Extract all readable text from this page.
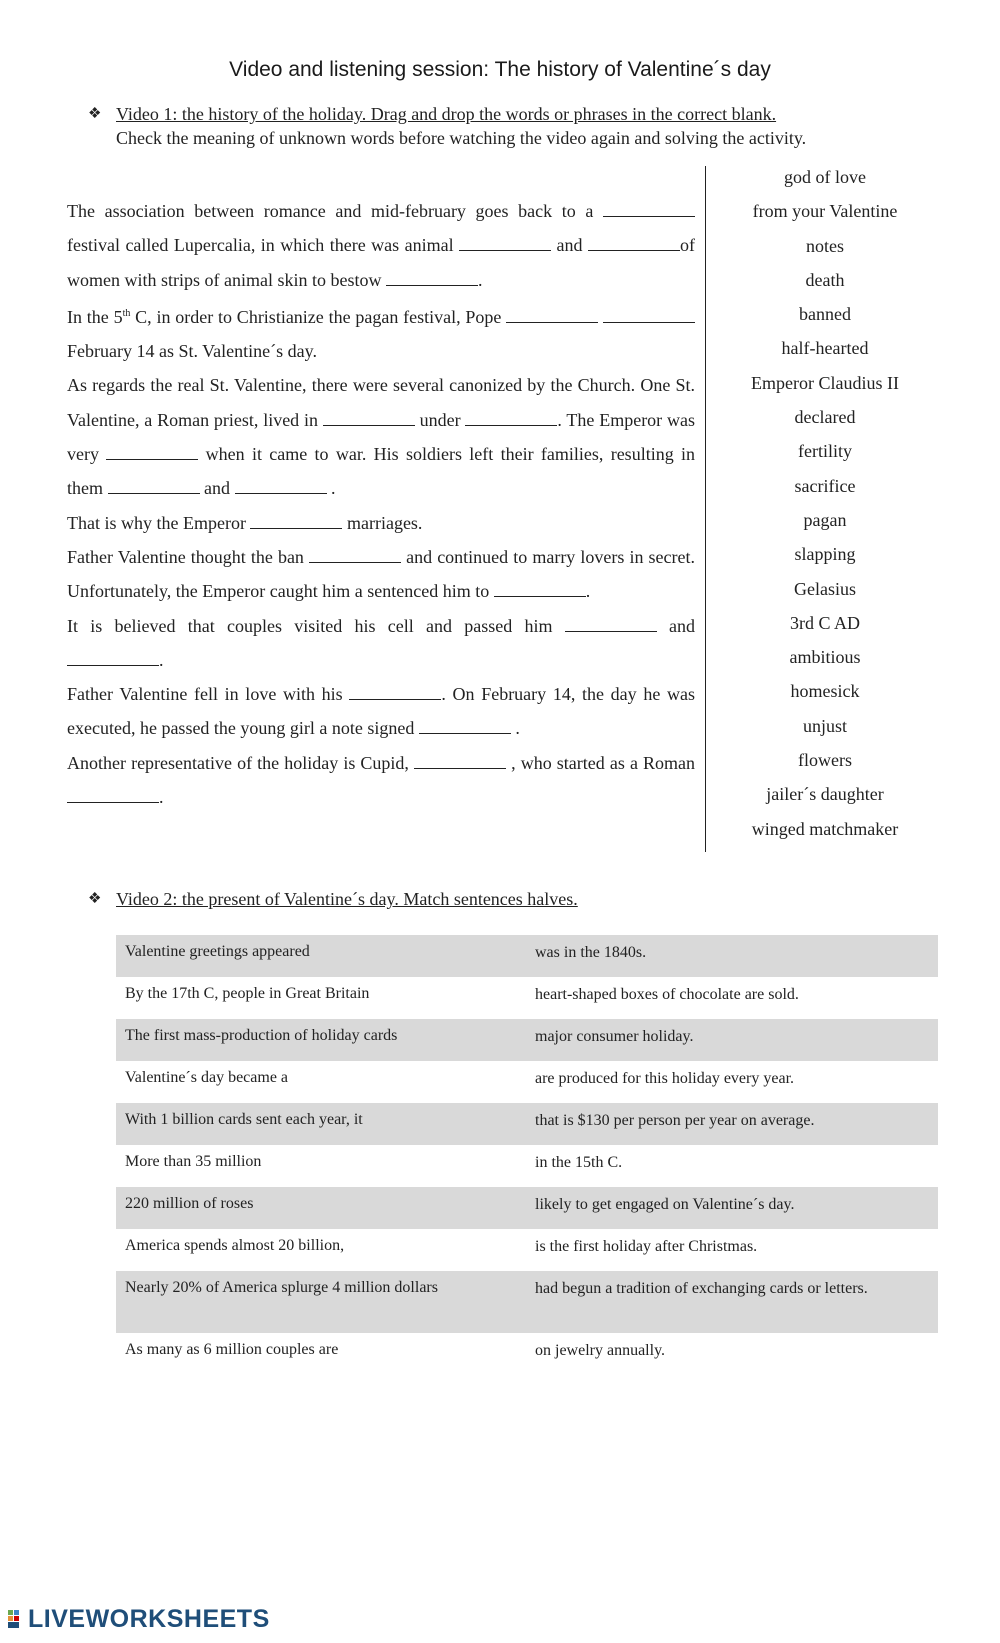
Video and listening session: The history of Valentine´s day
❖ Video 1: the history of the holiday. Drag and drop the words or phrases in the correct blank.
Check the meaning of unknown words before watching the video again and solving the activity.

The association between romance and mid-february goes back to a  festival called Lupercalia, in which there was animal	and	of women with strips of animal skin to bestow	.

In the 5th C, in order to Christianize the pagan festival, Pope   February 14 as St. Valentine´s day.

As regards the real St. Valentine, there were several canonized by the Church. One St. Valentine, a Roman priest, lived in	under	. The Emperor was very	when it came to war. His soldiers left their families, resulting in them	and	.

That is why the Emperor	marriages.

Father Valentine thought the ban	and continued to marry lovers in secret. Unfortunately, the Emperor caught him a sentenced him to	.

It is believed that couples visited his cell and passed him	and .

Father Valentine fell in love with his	. On February 14, the day he was executed, he passed the young girl a note signed	.

Another representative of the holiday is Cupid,	, who started as a Roman .

god of love
from your Valentine
notes
death
banned
half-hearted
Emperor Claudius II
declared
fertility
sacrifice
pagan
slapping
Gelasius
3rd C AD
ambitious
homesick
unjust
flowers
jailer´s daughter
winged matchmaker
❖ Video 2: the present of Valentine´s day. Match sentences halves.
Valentine greetings appeared	was in the 1840s.
By the 17th C, people in Great Britain	heart-shaped boxes of chocolate are sold.
The first mass-production of holiday cards	major consumer holiday.
Valentine´s day became a	are produced for this holiday every year.
With 1 billion cards sent each year, it	that is $130 per person per year on average.
More than 35 million	in the 15th C.
220 million of roses	likely to get engaged on Valentine´s day.
America spends almost 20 billion,	is the first holiday after Christmas.
Nearly 20% of America splurge 4 million dollars	had begun a tradition of exchanging cards or letters.
As many as 6 million couples are	on jewelry annually.
LIVEWORKSHEETS
